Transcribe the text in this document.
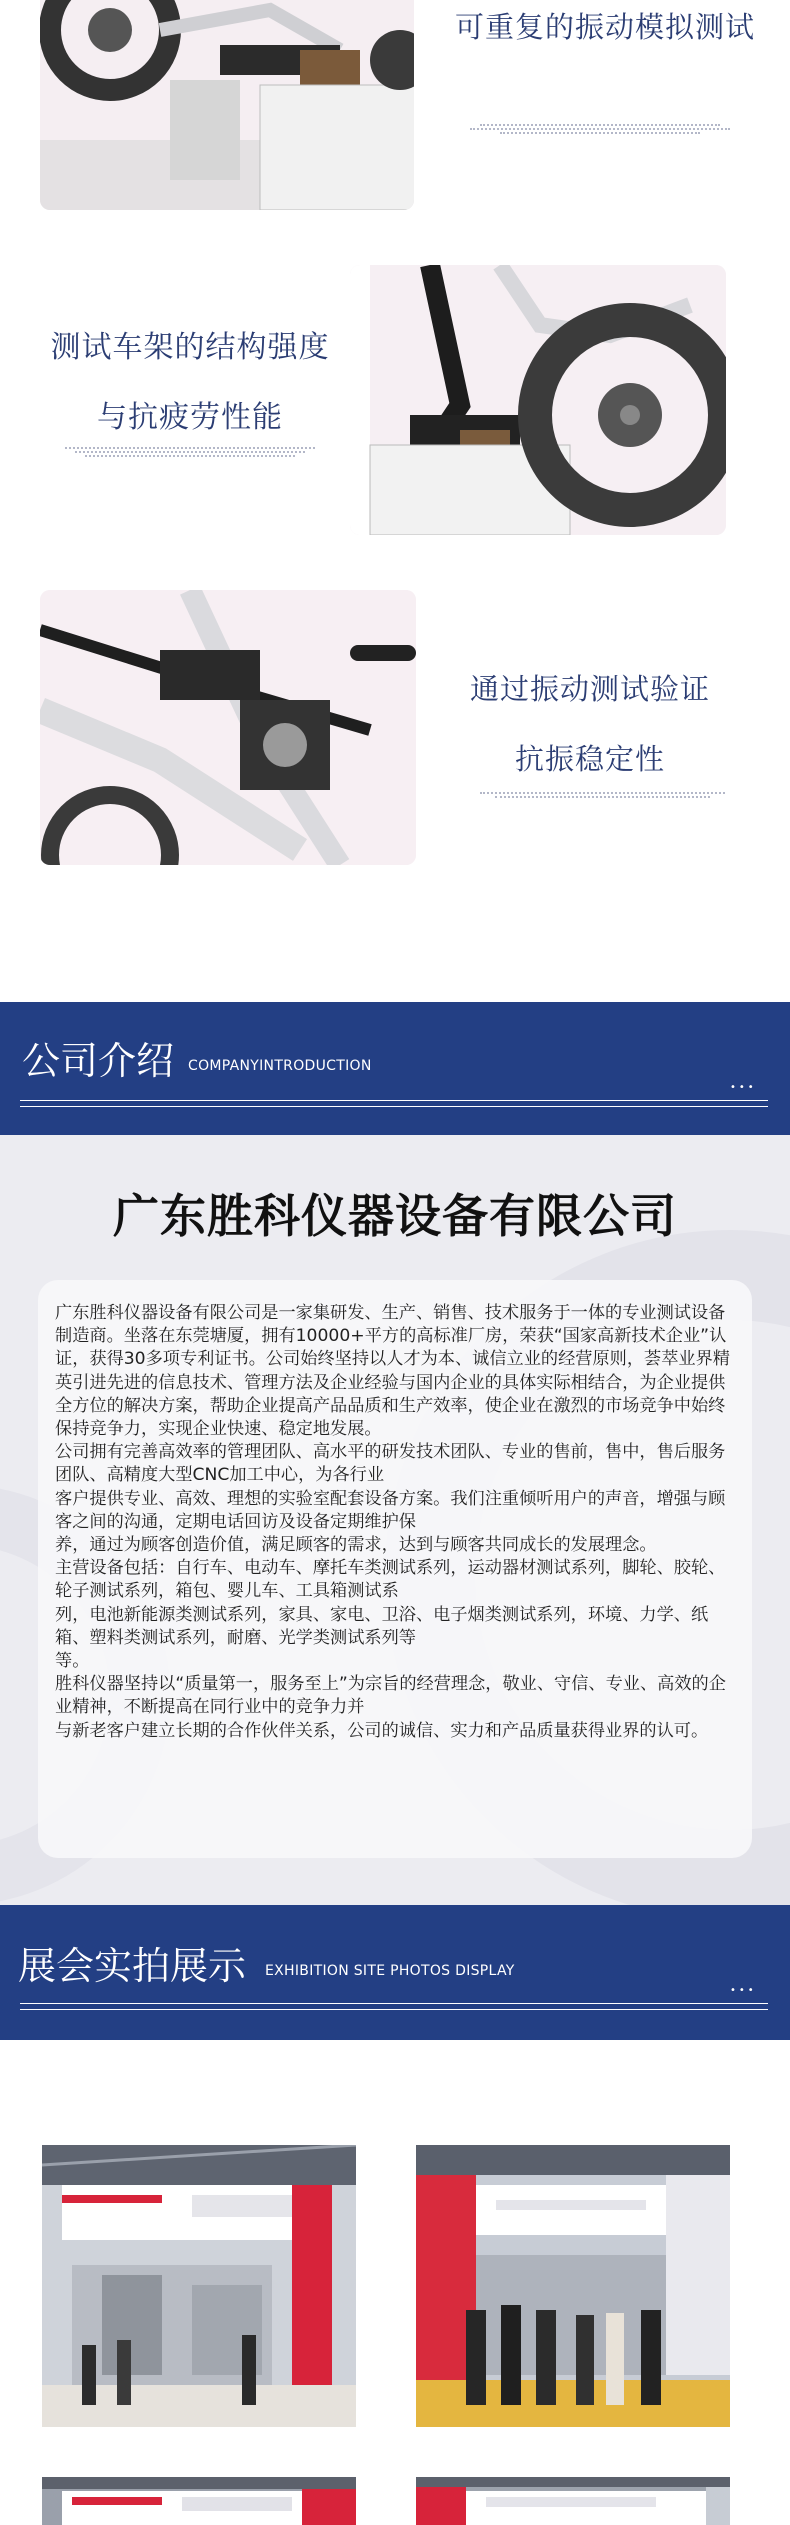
可重复的振动模拟测试
测试车架的结构强度
与抗疲劳性能
通过振动测试验证
抗振稳定性
公司介绍 COMPANYINTRODUCTION
•••
广东胜科仪器设备有限公司
广东胜科仪器设备有限公司是一家集研发、生产、销售、技术服务于一体的专业测试设备制造商。坐落在东莞塘厦，拥有10000+平方的高标准厂房，荣获“国家高新技术企业”认证，获得30多项专利证书。公司始终坚持以人才为本、诚信立业的经营原则，荟萃业界精英引进先进的信息技术、管理方法及企业经验与国内企业的具体实际相结合，为企业提供全方位的解决方案，帮助企业提高产品品质和生产效率，使企业在激烈的市场竞争中始终保持竞争力，实现企业快速、稳定地发展。
公司拥有完善高效率的管理团队、高水平的研发技术团队、专业的售前，售中，售后服务团队、高精度大型CNC加工中心，为各行业
客户提供专业、高效、理想的实验室配套设备方案。我们注重倾听用户的声音，增强与顾客之间的沟通，定期电话回访及设备定期维护保
养，通过为顾客创造价值，满足顾客的需求，达到与顾客共同成长的发展理念。
主营设备包括：自行车、电动车、摩托车类测试系列，运动器材测试系列，脚轮、胶轮、轮子测试系列，箱包、婴儿车、工具箱测试系
列，电池新能源类测试系列，家具、家电、卫浴、电子烟类测试系列，环境、力学、纸箱、塑料类测试系列，耐磨、光学类测试系列等
等。
胜科仪器坚持以“质量第一，服务至上”为宗旨的经营理念，敬业、守信、专业、高效的企业精神，不断提高在同行业中的竞争力并
与新老客户建立长期的合作伙伴关系，公司的诚信、实力和产品质量获得业界的认可。
展会实拍展示 EXHIBITION SITE PHOTOS DISPLAY
•••
